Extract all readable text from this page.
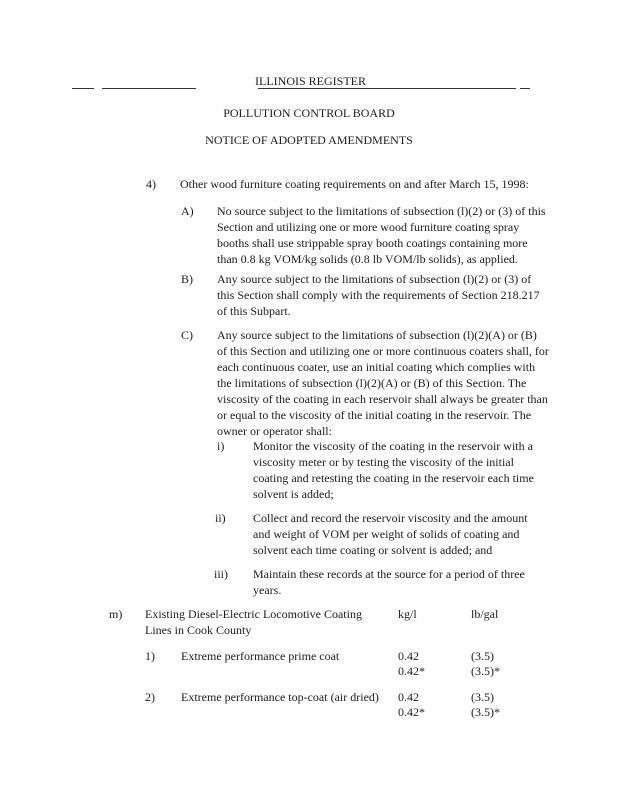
ILLINOIS REGISTER
POLLUTION CONTROL BOARD
NOTICE OF ADOPTED AMENDMENTS
4) Other wood furniture coating requirements on and after March 15, 1998:
A) No source subject to the limitations of subsection (l)(2) or (3) of this Section and utilizing one or more wood furniture coating spray booths shall use strippable spray booth coatings containing more than 0.8 kg VOM/kg solids (0.8 lb VOM/lb solids), as applied.
B) Any source subject to the limitations of subsection (l)(2) or (3) of this Section shall comply with the requirements of Section 218.217 of this Subpart.
C) Any source subject to the limitations of subsection (l)(2)(A) or (B) of this Section and utilizing one or more continuous coaters shall, for each continuous coater, use an initial coating which complies with the limitations of subsection (l)(2)(A) or (B) of this Section. The viscosity of the coating in each reservoir shall always be greater than or equal to the viscosity of the initial coating in the reservoir. The owner or operator shall:
i) Monitor the viscosity of the coating in the reservoir with a viscosity meter or by testing the viscosity of the initial coating and retesting the coating in the reservoir each time solvent is added;
ii) Collect and record the reservoir viscosity and the amount and weight of VOM per weight of solids of coating and solvent each time coating or solvent is added; and
iii) Maintain these records at the source for a period of three years.
m) Existing Diesel-Electric Locomotive Coating Lines in Cook County
kg/l	lb/gal
1) Extreme performance prime coat	0.42
0.42*
(3.5)
(3.5)*
2) Extreme performance top-coat (air dried) 0.42
0.42*
(3.5)
(3.5)*
